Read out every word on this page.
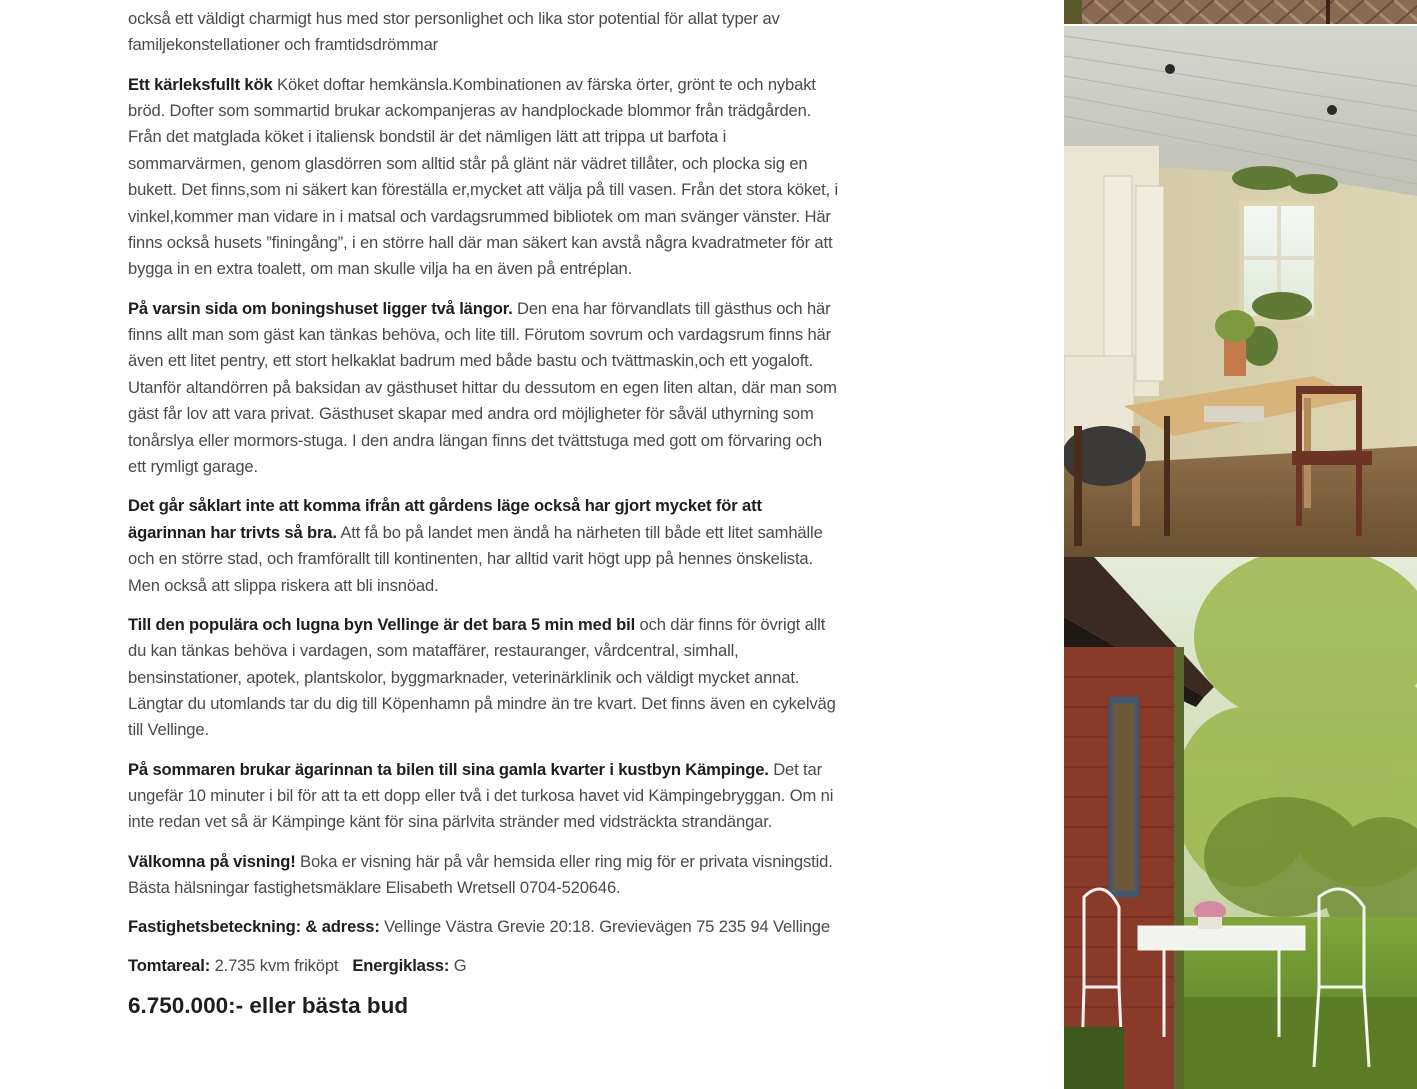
också ett väldigt charmigt hus med stor personlighet och lika stor potential för allat typer av
familjekonstellationer och framtidsdrömmar

Ett kärleksfullt kök Köket doftar hemkänsla.Kombinationen av färska örter, grönt te och nybakt bröd. Dofter som sommartid brukar ackompanjeras av handplockade blommor från trädgården. Från det matglada köket i italiensk bondstil är det nämligen lätt att trippa ut barfota i sommarvärmen, genom glasdörren som alltid står på glänt när vädret tillåter, och plocka sig en bukett. Det finns,som ni säkert kan föreställa er,mycket att välja på till vasen. Från det stora köket, i vinkel,kommer man vidare in i matsal och vardagsrummed bibliotek om man svänger vänster. Här finns också husets ”finingång”, i en större hall där man säkert kan avstå några kvadratmeter för att bygga in en extra toalett, om man skulle vilja ha en även på entréplan.

På varsin sida om boningshuset ligger två längor. Den ena har förvandlats till gästhus och här finns allt man som gäst kan tänkas behöva, och lite till. Förutom sovrum och vardagsrum finns här även ett litet pentry, ett stort helkaklat badrum med både bastu och tvättmaskin,och ett yogaloft. Utanför altandörren på baksidan av gästhuset hittar du dessutom en egen liten altan, där man som gäst får lov att vara privat. Gästhuset skapar med andra ord möjligheter för såväl uthyrning som tonårslya eller mormors-stuga. I den andra längan finns det tvättstuga med gott om förvaring och ett rymligt garage.

Det går såklart inte att komma ifrån att gårdens läge också har gjort mycket för att ägarinnan har trivts så bra. Att få bo på landet men ändå ha närheten till både ett litet samhälle och en större stad, och framförallt till kontinenten, har alltid varit högt upp på hennes önskelista. Men också att slippa riskera att bli insnöad.

Till den populära och lugna byn Vellinge är det bara 5 min med bil och där finns för övrigt allt du kan tänkas behöva i vardagen, som mataffärer, restauranger, vårdcentral, simhall, bensinstationer, apotek, plantskolor, byggmarknader, veterinärklinik och väldigt mycket annat. Längtar du utomlands tar du dig till Köpenhamn på mindre än tre kvart. Det finns även en cykelväg till Vellinge.

På sommaren brukar ägarinnan ta bilen till sina gamla kvarter i kustbyn Kämpinge. Det tar ungefär 10 minuter i bil för att ta ett dopp eller två i det turkosa havet vid Kämpingebryggan. Om ni inte redan vet så är Kämpinge känt för sina pärlvita stränder med vidsträckta strandängar.

Välkomna på visning! Boka er visning här på vår hemsida eller ring mig för er privata visningstid.
Bästa hälsningar fastighetsmäklare Elisabeth Wretsell 0704-520646.

Fastighetsbeteckning: & adress: Vellinge Västra Grevie 20:18. Grevievägen 75 235 94 Vellinge

Tomtareal: 2.735 kvm friköpt Energiklass: G

6.750.000:- eller bästa bud
